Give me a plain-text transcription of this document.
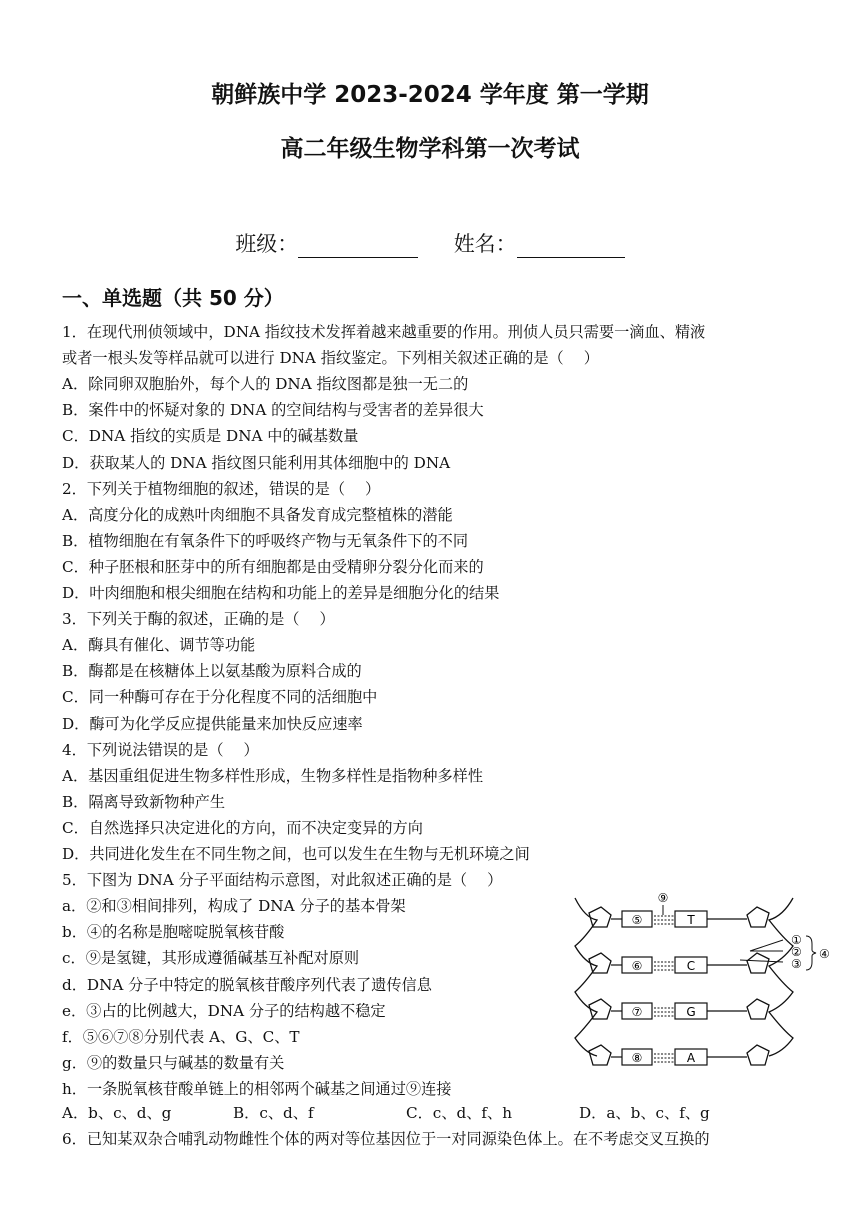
朝鲜族中学 2023-2024 学年度 第一学期
高二年级生物学科第一次考试
班级：	姓名：
一、单选题（共 50 分）
1．在现代刑侦领域中，DNA 指纹技术发挥着越来越重要的作用。刑侦人员只需要一滴血、精液
或者一根头发等样品就可以进行 DNA 指纹鉴定。下列相关叙述正确的是（　 ）
A．除同卵双胞胎外，每个人的 DNA 指纹图都是独一无二的
B．案件中的怀疑对象的 DNA 的空间结构与受害者的差异很大
C．DNA 指纹的实质是 DNA 中的碱基数量
D．获取某人的 DNA 指纹图只能利用其体细胞中的 DNA
2．下列关于植物细胞的叙述，错误的是（　 ）
A．高度分化的成熟叶肉细胞不具备发育成完整植株的潜能
B．植物细胞在有氧条件下的呼吸终产物与无氧条件下的不同
C．种子胚根和胚芽中的所有细胞都是由受精卵分裂分化而来的
D．叶肉细胞和根尖细胞在结构和功能上的差异是细胞分化的结果
3．下列关于酶的叙述，正确的是（　 ）
A．酶具有催化、调节等功能
B．酶都是在核糖体上以氨基酸为原料合成的
C．同一种酶可存在于分化程度不同的活细胞中
D．酶可为化学反应提供能量来加快反应速率
4．下列说法错误的是（　 ）
A．基因重组促进生物多样性形成，生物多样性是指物种多样性
B．隔离导致新物种产生
C．自然选择只决定进化的方向，而不决定变异的方向
D．共同进化发生在不同生物之间，也可以发生在生物与无机环境之间
5．下图为 DNA 分子平面结构示意图，对此叙述正确的是（　 ）
a．②和③相间排列，构成了 DNA 分子的基本骨架
b．④的名称是胞嘧啶脱氧核苷酸
c．⑨是氢键，其形成遵循碱基互补配对原则
d．DNA 分子中特定的脱氧核苷酸序列代表了遗传信息
e．③占的比例越大，DNA 分子的结构越不稳定
f．⑤⑥⑦⑧分别代表 A、G、C、T
g．⑨的数量只与碱基的数量有关
h．一条脱氧核苷酸单链上的相邻两个碱基之间通过⑨连接
A．b、c、d、g	B．c、d、f	C．c、d、f、h	D．a、b、c、f、g
6．已知某双杂合哺乳动物雌性个体的两对等位基因位于一对同源染色体上。在不考虑交叉互换的
⑤	T
⑥	C
⑦	G
⑧	A
⑨
①
②
③
④
